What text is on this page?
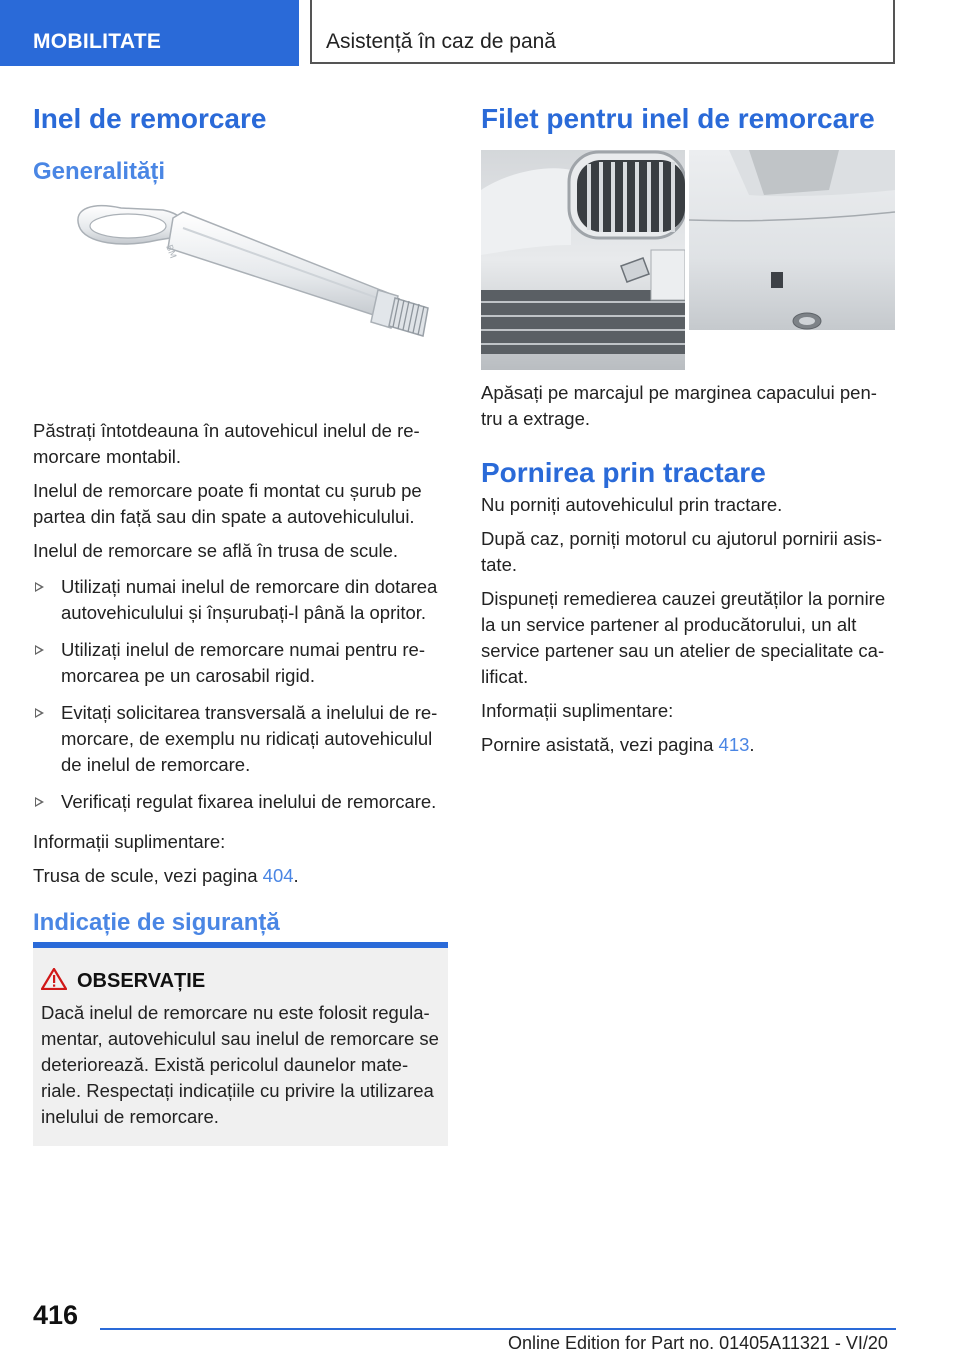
MOBILITATE	Asistență în caz de pană
Inel de remorcare
Generalități
BM

Păstrați întotdeauna în autovehicul inelul de re-morcare montabil.

Inelul de remorcare poate fi montat cu șurub pe partea din față sau din spate a autovehiculului.

Inelul de remorcare se află în trusa de scule.

Utilizați numai inelul de remorcare din dotarea autovehiculului și înșurubați-l până la opritor.
Utilizați inelul de remorcare numai pentru re-morcarea pe un carosabil rigid.
Evitați solicitarea transversală a inelului de re-morcare, de exemplu nu ridicați autovehiculul de inelul de remorcare.
Verificați regulat fixarea inelului de remorcare.

Informații suplimentare:

Trusa de scule, vezi pagina 404.

Indicație de siguranță
OBSERVAȚIE
Dacă inelul de remorcare nu este folosit regula-mentar, autovehiculul sau inelul de remorcare se deteriorează. Există pericolul daunelor mate-riale. Respectați indicațiile cu privire la utilizarea inelului de remorcare.
Filet pentru inel de remorcare

Apăsați pe marcajul pe marginea capacului pen-tru a extrage.

Pornirea prin tractare

Nu porniți autovehiculul prin tractare.

După caz, porniți motorul cu ajutorul pornirii asis-tate.

Dispuneți remedierea cauzei greutăților la pornire la un service partener al producătorului, un alt service partener sau un atelier de specialitate ca-lificat.

Informații suplimentare:

Pornire asistată, vezi pagina 413.

416
Online Edition for Part no. 01405A11321 - VI/20
